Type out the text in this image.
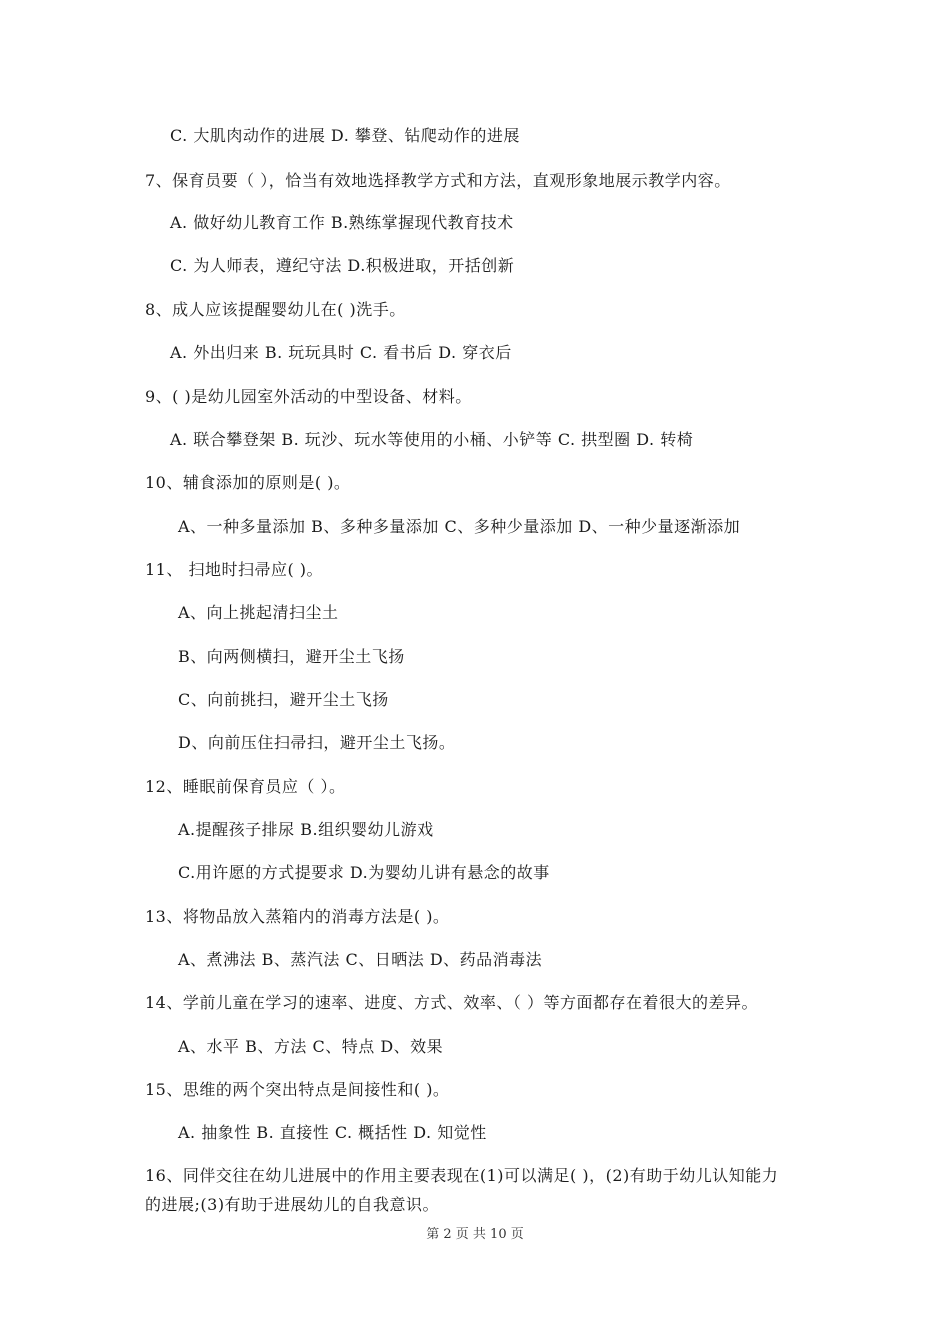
C. 大肌肉动作的进展 D. 攀登、钻爬动作的进展
7、保育员要（ ），恰当有效地选择教学方式和方法，直观形象地展示教学内容。
A. 做好幼儿教育工作 B.熟练掌握现代教育技术
C. 为人师表，遵纪守法 D.积极进取，开括创新
8、成人应该提醒婴幼儿在( )洗手。
A. 外出归来 B. 玩玩具时 C. 看书后 D. 穿衣后
9、( )是幼儿园室外活动的中型设备、材料。
A. 联合攀登架 B. 玩沙、玩水等使用的小桶、小铲等 C. 拱型圈 D. 转椅
10、辅食添加的原则是( )。
A、一种多量添加 B、多种多量添加 C、多种少量添加 D、一种少量逐渐添加
11、 扫地时扫帚应( )。
A、向上挑起清扫尘土
B、向两侧横扫，避开尘土飞扬
C、向前挑扫，避开尘土飞扬
D、向前压住扫帚扫，避开尘土飞扬。
12、睡眠前保育员应（ ）。
A.提醒孩子排尿 B.组织婴幼儿游戏
C.用许愿的方式提要求 D.为婴幼儿讲有悬念的故事
13、将物品放入蒸箱内的消毒方法是( )。
A、煮沸法 B、蒸汽法 C、日晒法 D、药品消毒法
14、学前儿童在学习的速率、进度、方式、效率、（ ）等方面都存在着很大的差异。
A、水平 B、方法 C、特点 D、效果
15、思维的两个突出特点是间接性和( )。
A. 抽象性 B. 直接性 C. 概括性 D. 知觉性
16、同伴交往在幼儿进展中的作用主要表现在(1)可以满足( )，(2)有助于幼儿认知能力
的进展;(3)有助于进展幼儿的自我意识。
第 2 页 共 10 页
